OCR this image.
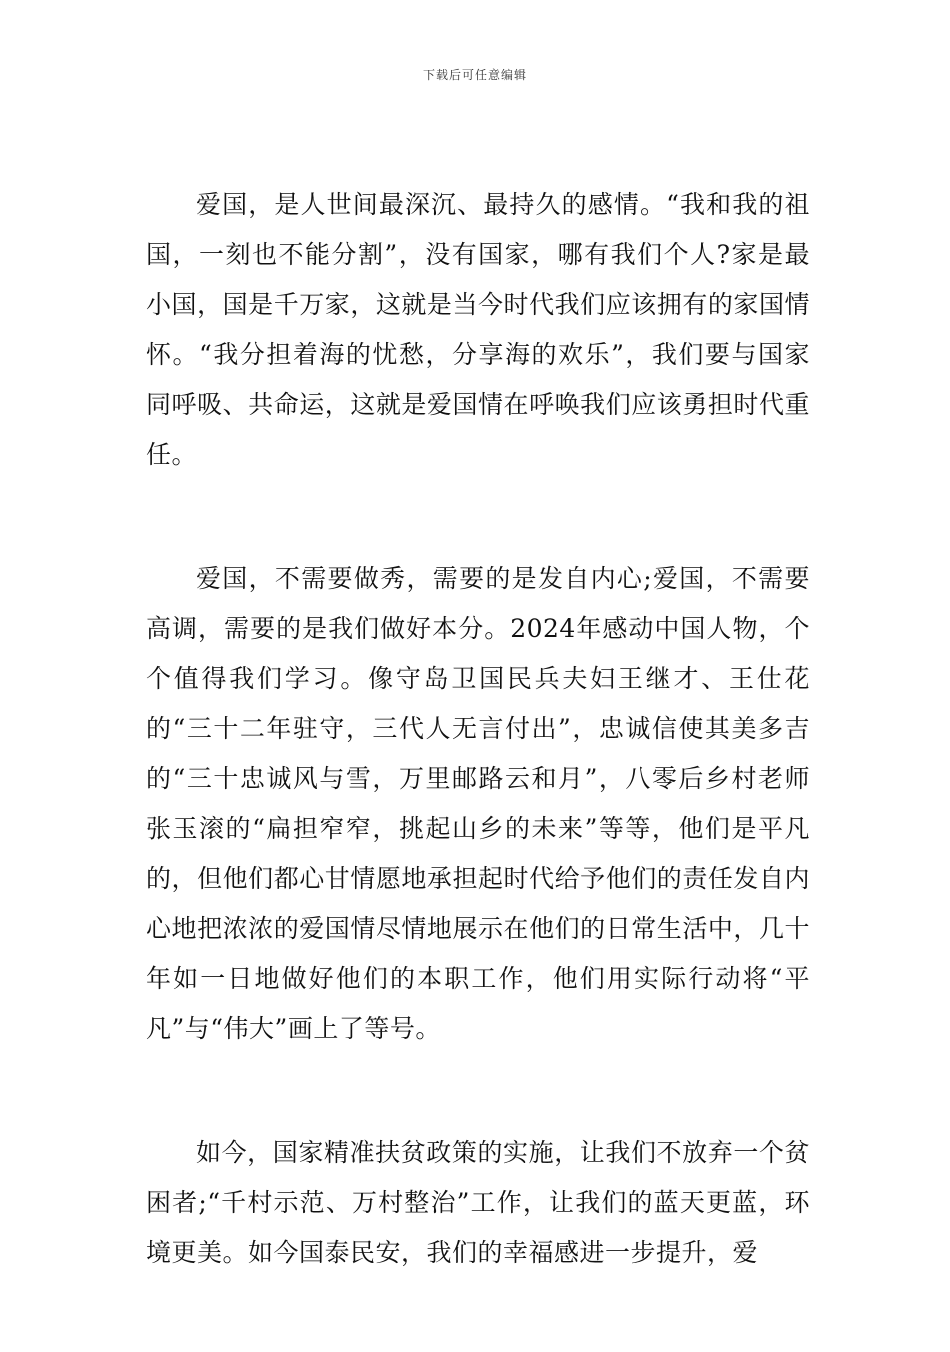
下载后可任意编辑

爱国，是人世间最深沉、最持久的感情。“我和我的祖国，一刻也不能分割”，没有国家，哪有我们个人?家是最小国，国是千万家，这就是当今时代我们应该拥有的家国情怀。“我分担着海的忧愁，分享海的欢乐”，我们要与国家同呼吸、共命运，这就是爱国情在呼唤我们应该勇担时代重任。

爱国，不需要做秀，需要的是发自内心;爱国，不需要高调，需要的是我们做好本分。2024年感动中国人物，个个值得我们学习。像守岛卫国民兵夫妇王继才、王仕花的“三十二年驻守，三代人无言付出”，忠诚信使其美多吉的“三十忠诚风与雪，万里邮路云和月”，八零后乡村老师张玉滚的“扁担窄窄，挑起山乡的未来”等等，他们是平凡的，但他们都心甘情愿地承担起时代给予他们的责任发自内心地把浓浓的爱国情尽情地展示在他们的日常生活中，几十年如一日地做好他们的本职工作，他们用实际行动将“平凡”与“伟大”画上了等号。

如今，国家精准扶贫政策的实施，让我们不放弃一个贫困者;“千村示范、万村整治”工作，让我们的蓝天更蓝，环境更美。如今国泰民安，我们的幸福感进一步提升，爱
